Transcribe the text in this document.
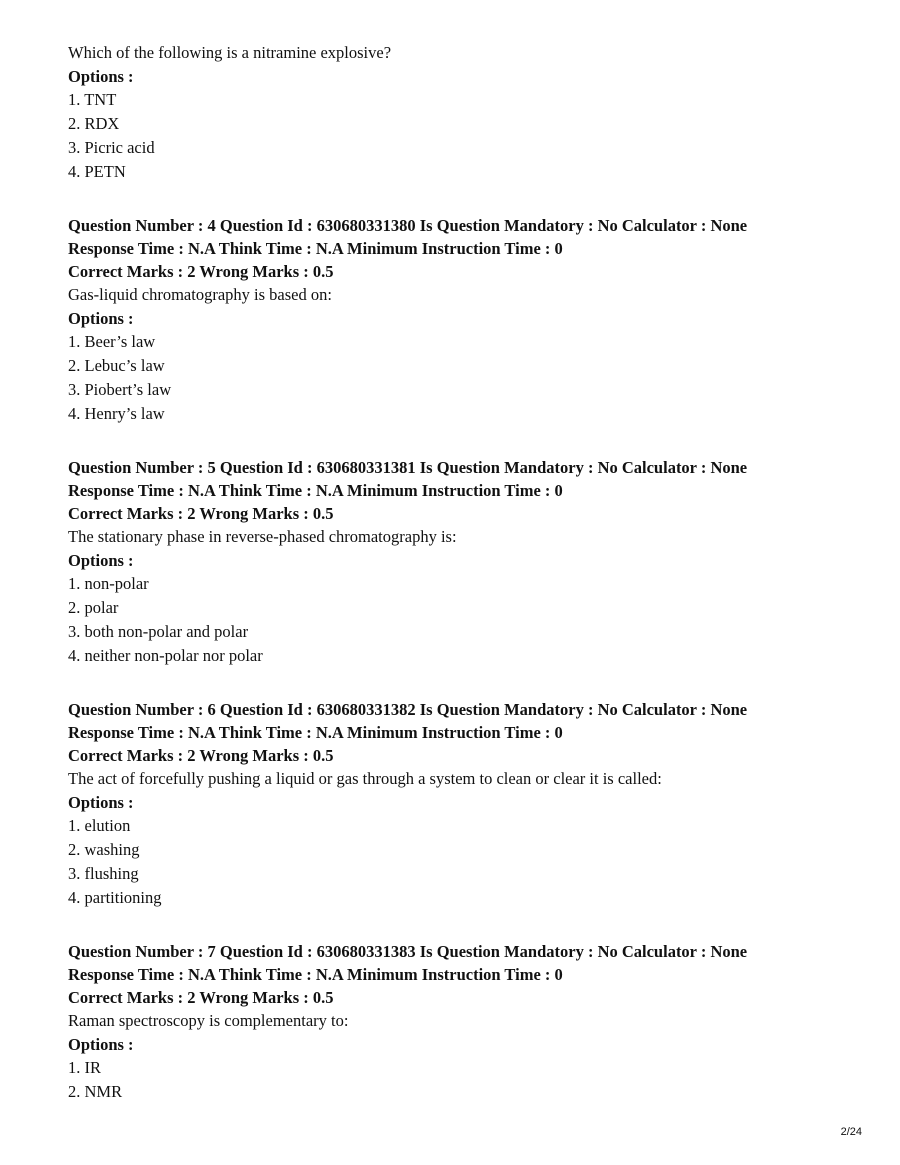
Which of the following is a nitramine explosive?
Options :
1. TNT
2. RDX
3. Picric acid
4. PETN
Question Number : 4 Question Id : 630680331380 Is Question Mandatory : No Calculator : None
Response Time : N.A Think Time : N.A Minimum Instruction Time : 0
Correct Marks : 2 Wrong Marks : 0.5
Gas-liquid chromatography is based on:
Options :
1. Beer’s law
2. Lebuc’s law
3. Piobert’s law
4. Henry’s law
Question Number : 5 Question Id : 630680331381 Is Question Mandatory : No Calculator : None
Response Time : N.A Think Time : N.A Minimum Instruction Time : 0
Correct Marks : 2 Wrong Marks : 0.5
The stationary phase in reverse-phased chromatography is:
Options :
1. non-polar
2. polar
3. both non-polar and polar
4. neither non-polar nor polar
Question Number : 6 Question Id : 630680331382 Is Question Mandatory : No Calculator : None
Response Time : N.A Think Time : N.A Minimum Instruction Time : 0
Correct Marks : 2 Wrong Marks : 0.5
The act of forcefully pushing a liquid or gas through a system to clean or clear it is called:
Options :
1. elution
2. washing
3. flushing
4. partitioning
Question Number : 7 Question Id : 630680331383 Is Question Mandatory : No Calculator : None
Response Time : N.A Think Time : N.A Minimum Instruction Time : 0
Correct Marks : 2 Wrong Marks : 0.5
Raman spectroscopy is complementary to:
Options :
1. IR
2. NMR
2/24
